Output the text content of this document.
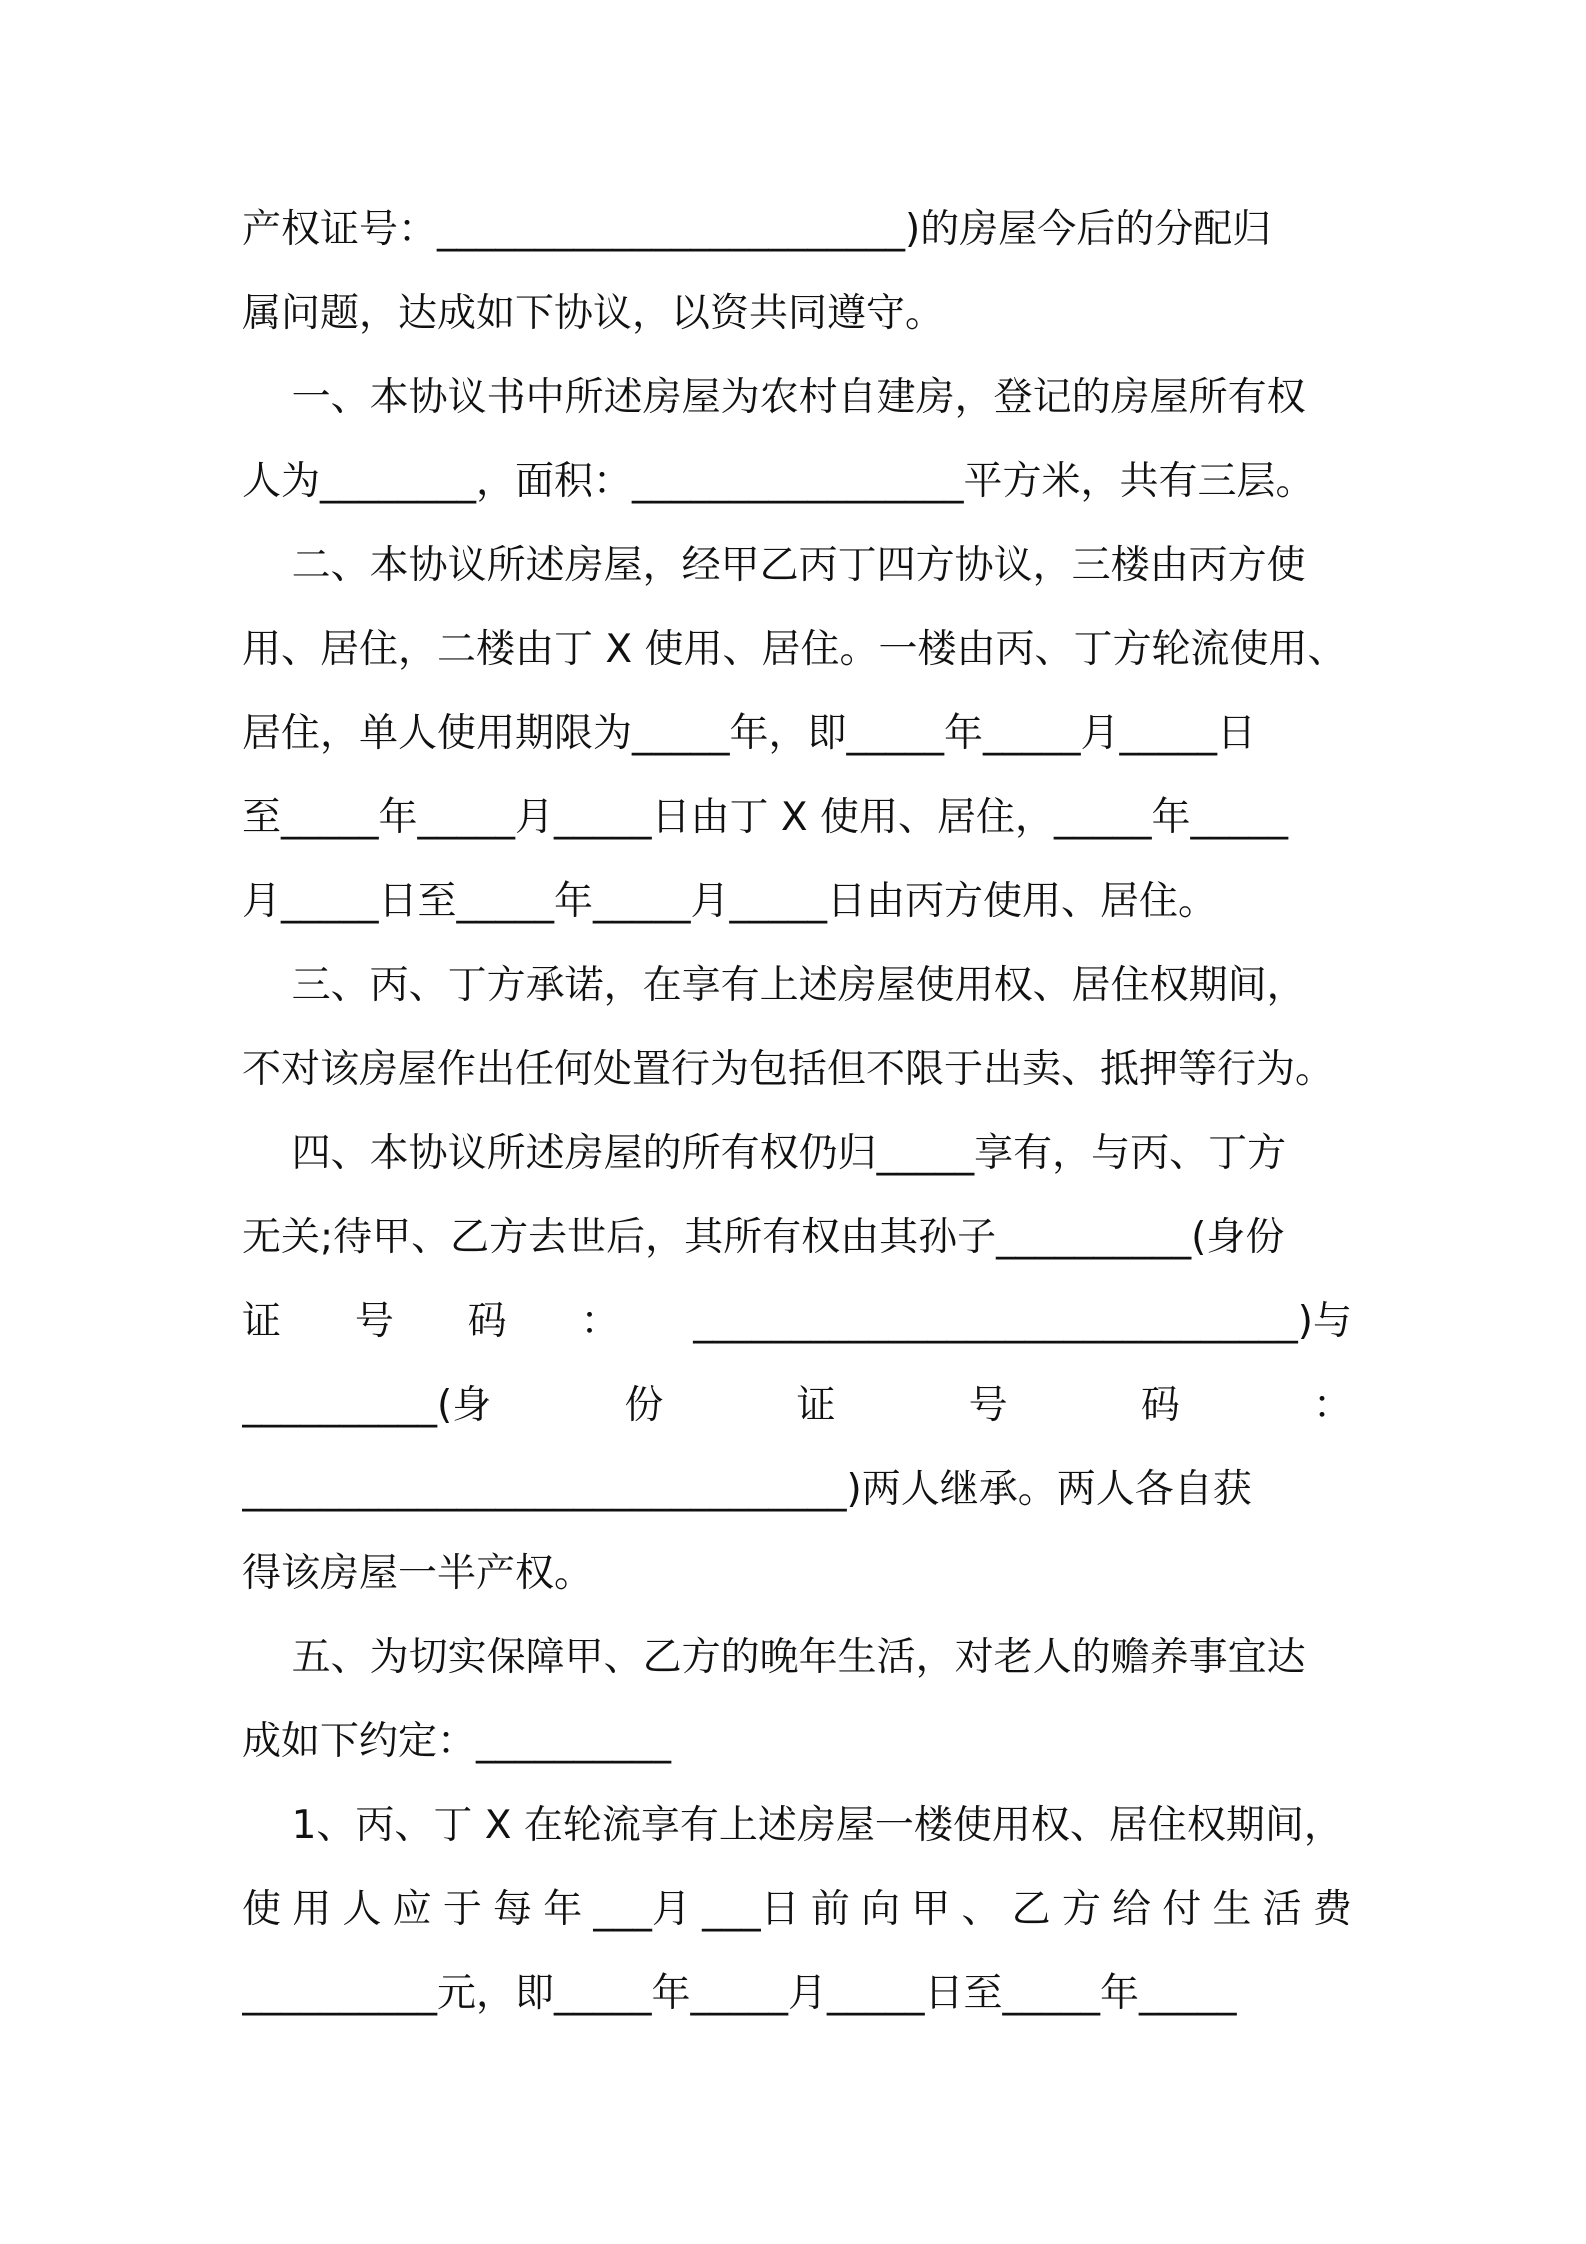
产权证号：________________________)的房屋今后的分配归

属问题，达成如下协议，以资共同遵守。

一、本协议书中所述房屋为农村自建房，登记的房屋所有权

人为________，面积：_________________平方米，共有三层。

二、本协议所述房屋，经甲乙丙丁四方协议，三楼由丙方使

用、居住，二楼由丁 X 使用、居住。一楼由丙、丁方轮流使用、

居住，单人使用期限为_____年，即_____年_____月_____日

至_____年_____月_____日由丁 X 使用、居住，_____年_____

月_____日至_____年_____月_____日由丙方使用、居住。

三、丙、丁方承诺，在享有上述房屋使用权、居住权期间，

不对该房屋作出任何处置行为包括但不限于出卖、抵押等行为。

四、本协议所述房屋的所有权仍归_____享有，与丙、丁方

无关;待甲、乙方去世后，其所有权由其孙子__________(身份

证 号 码 ： _______________________________)与
__________(身	份	证	号	码	：

_______________________________)两人继承。两人各自获

得该房屋一半产权。

五、为切实保障甲、乙方的晚年生活，对老人的赡养事宜达

成如下约定：__________

1、丙、丁 X 在轮流享有上述房屋一楼使用权、居住权期间，

使 用 人 应 于 每 年 ___月 ___日 前 向 甲 、 乙 方 给 付 生 活 费

__________元，即_____年_____月_____日至_____年_____
